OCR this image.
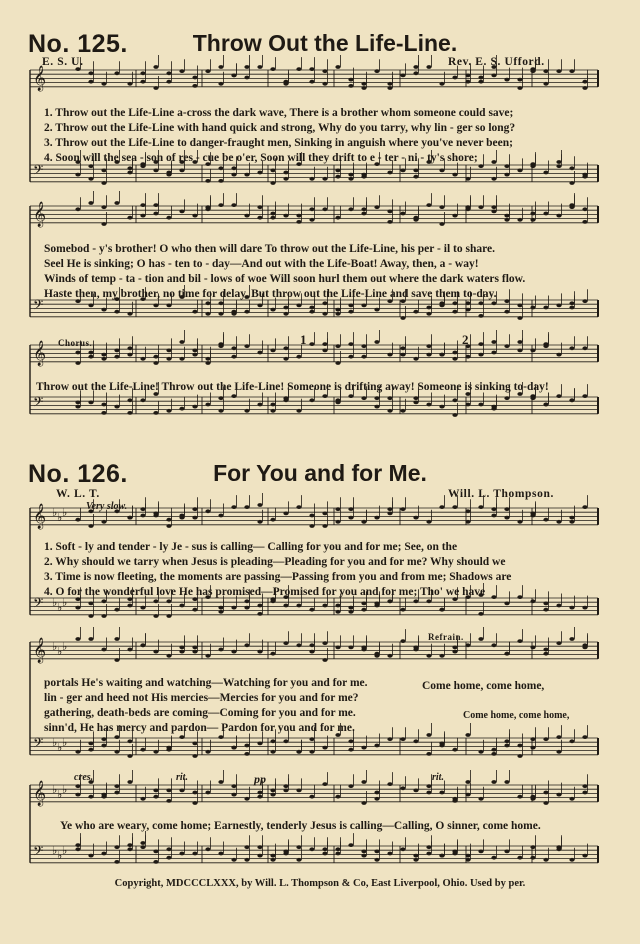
𝄞
𝄢
𝄞
𝄢
𝄞
𝄢
𝄞 ♭ ♭ ♭
𝄢 ♭ ♭ ♭
𝄞 ♭ ♭ ♭
𝄢 ♭ ♭ ♭
𝄞 ♭ ♭ ♭
𝄢 ♭ ♭ ♭
No. 125.	Throw Out the Life-Line.
E. S. U.	Rev. E. S. Ufford.
1. Throw out the Life-Line a-cross the dark wave, There is a brother whom someone could save;
2. Throw out the Life-Line with hand quick and strong, Why do you tarry, why lin - ger so long?
3. Throw out the Life-Line to danger-fraught men, Sinking in anguish where you've never been;
4. Soon will the sea - son of res - cue be o'er, Soon will they drift to e - ter - ni - ty's shore;
Somebod - y's brother! O who then will dare To throw out the Life-Line, his per - il to share.
Seel He is sinking; O has - ten to - day—And out with the Life-Boat! Away, then, a - way!
Winds of temp - ta - tion and bil - lows of woe Will soon hurl them out where the dark waters flow.
Haste then, my brother, no time for delay, But throw out the Life-Line and save them to-day.
Chorus.	1	2
Throw out the Life-Line! Throw out the Life-Line! Someone is drifting away! Someone is sinking to-day!
No. 126.	For You and for Me.
W. L. T.	Will. L. Thompson.
Very slow.
1. Soft - ly and tender - ly Je - sus is calling— Calling for you and for me; See, on the
2. Why should we tarry when Jesus is pleading—Pleading for you and for me? Why should we
3. Time is now fleeting, the moments are passing—Passing from you and from me; Shadows are
4. O for the wonderful love He has promised—Promised for you and for me; Tho' we have
Refrain.
portals He's waiting and watching—Watching for you and for me.
lin - ger and heed not His mercies—Mercies for you and for me?
gathering, death-beds are coming—Coming for you and for me.
sinn'd, He has mercy and pardon— Pardon for you and for me.
Come home, come home,
Come home, come home,
cres.	rit.	pp	rit.
Ye who are weary, come home; Earnestly, tenderly Jesus is calling—Calling, O sinner, come home.
Copyright, MDCCCLXXX, by Will. L. Thompson & Co, East Liverpool, Ohio. Used by per.
